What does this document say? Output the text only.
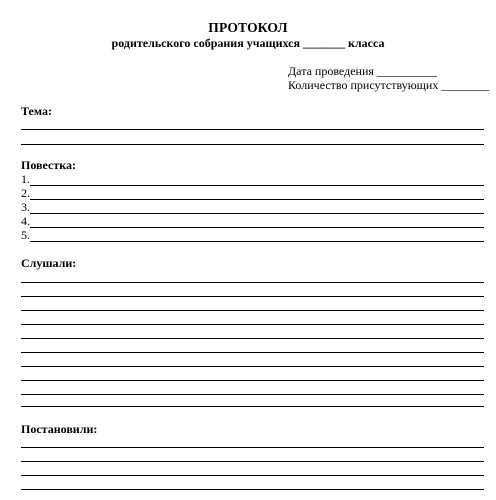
ПРОТОКОЛ
родительского собрания учащихся _______ класса
Дата проведения __________
Количество присутствующих ________
Тема:
Повестка:
1.
2.
3.
4.
5.
Слушали:
Постановили:
